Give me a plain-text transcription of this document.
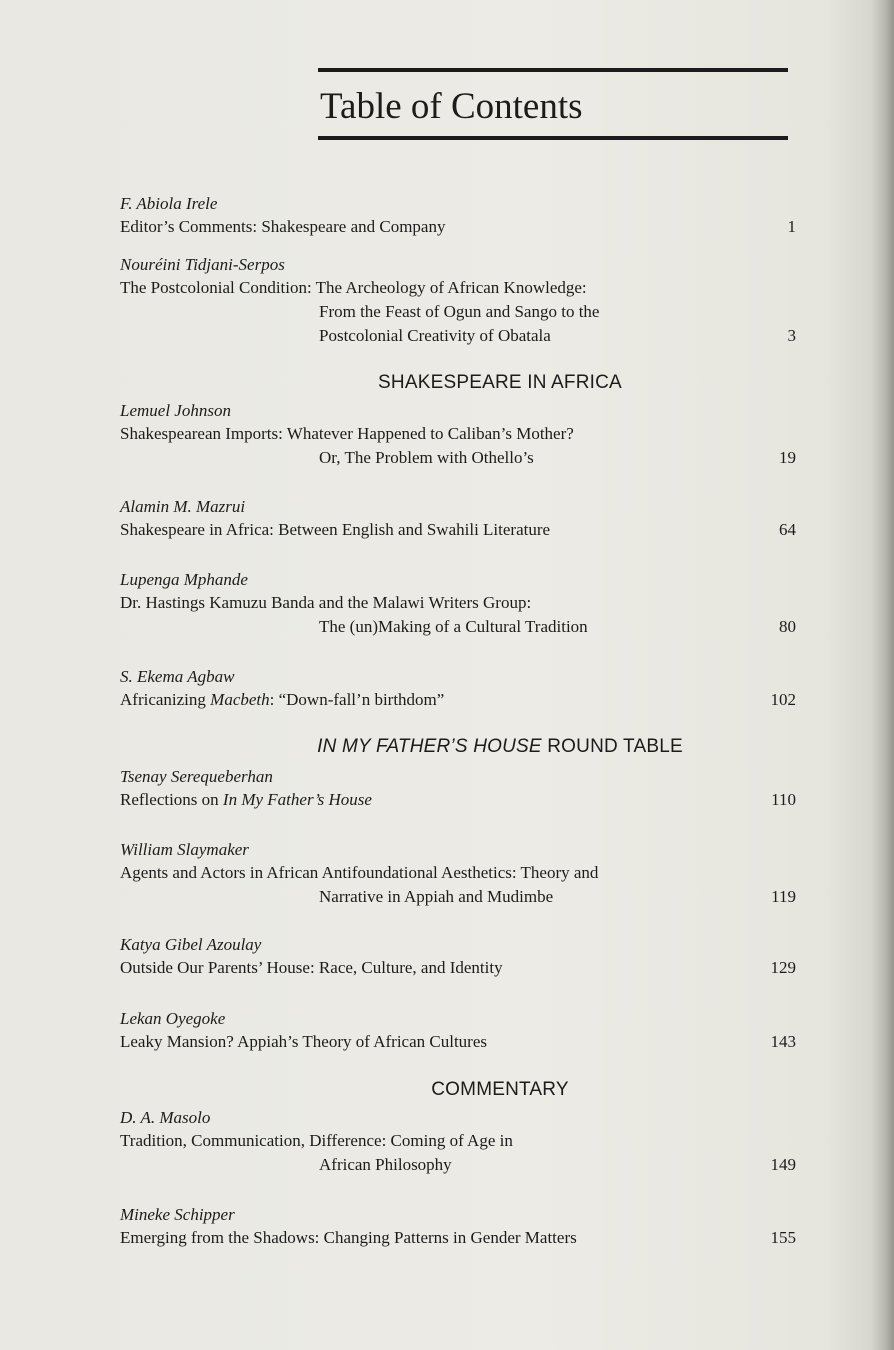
Table of Contents
F. Abiola Irele
Editor’s Comments: Shakespeare and Company	1
Nouréini Tidjani-Serpos
The Postcolonial Condition: The Archeology of African Knowledge:
From the Feast of Ogun and Sango to the
Postcolonial Creativity of Obatala	3
SHAKESPEARE IN AFRICA
Lemuel Johnson
Shakespearean Imports: Whatever Happened to Caliban’s Mother?
Or, The Problem with Othello’s	19
Alamin M. Mazrui
Shakespeare in Africa: Between English and Swahili Literature	64
Lupenga Mphande
Dr. Hastings Kamuzu Banda and the Malawi Writers Group:
The (un)Making of a Cultural Tradition	80
S. Ekema Agbaw
Africanizing Macbeth: “Down-fall’n birthdom”	102
IN MY FATHER’S HOUSE ROUND TABLE
Tsenay Serequeberhan
Reflections on In My Father’s House	110
William Slaymaker
Agents and Actors in African Antifoundational Aesthetics: Theory and
Narrative in Appiah and Mudimbe	119
Katya Gibel Azoulay
Outside Our Parents’ House: Race, Culture, and Identity	129
Lekan Oyegoke
Leaky Mansion? Appiah’s Theory of African Cultures	143
COMMENTARY
D. A. Masolo
Tradition, Communication, Difference: Coming of Age in
African Philosophy	149
Mineke Schipper
Emerging from the Shadows: Changing Patterns in Gender Matters	155
